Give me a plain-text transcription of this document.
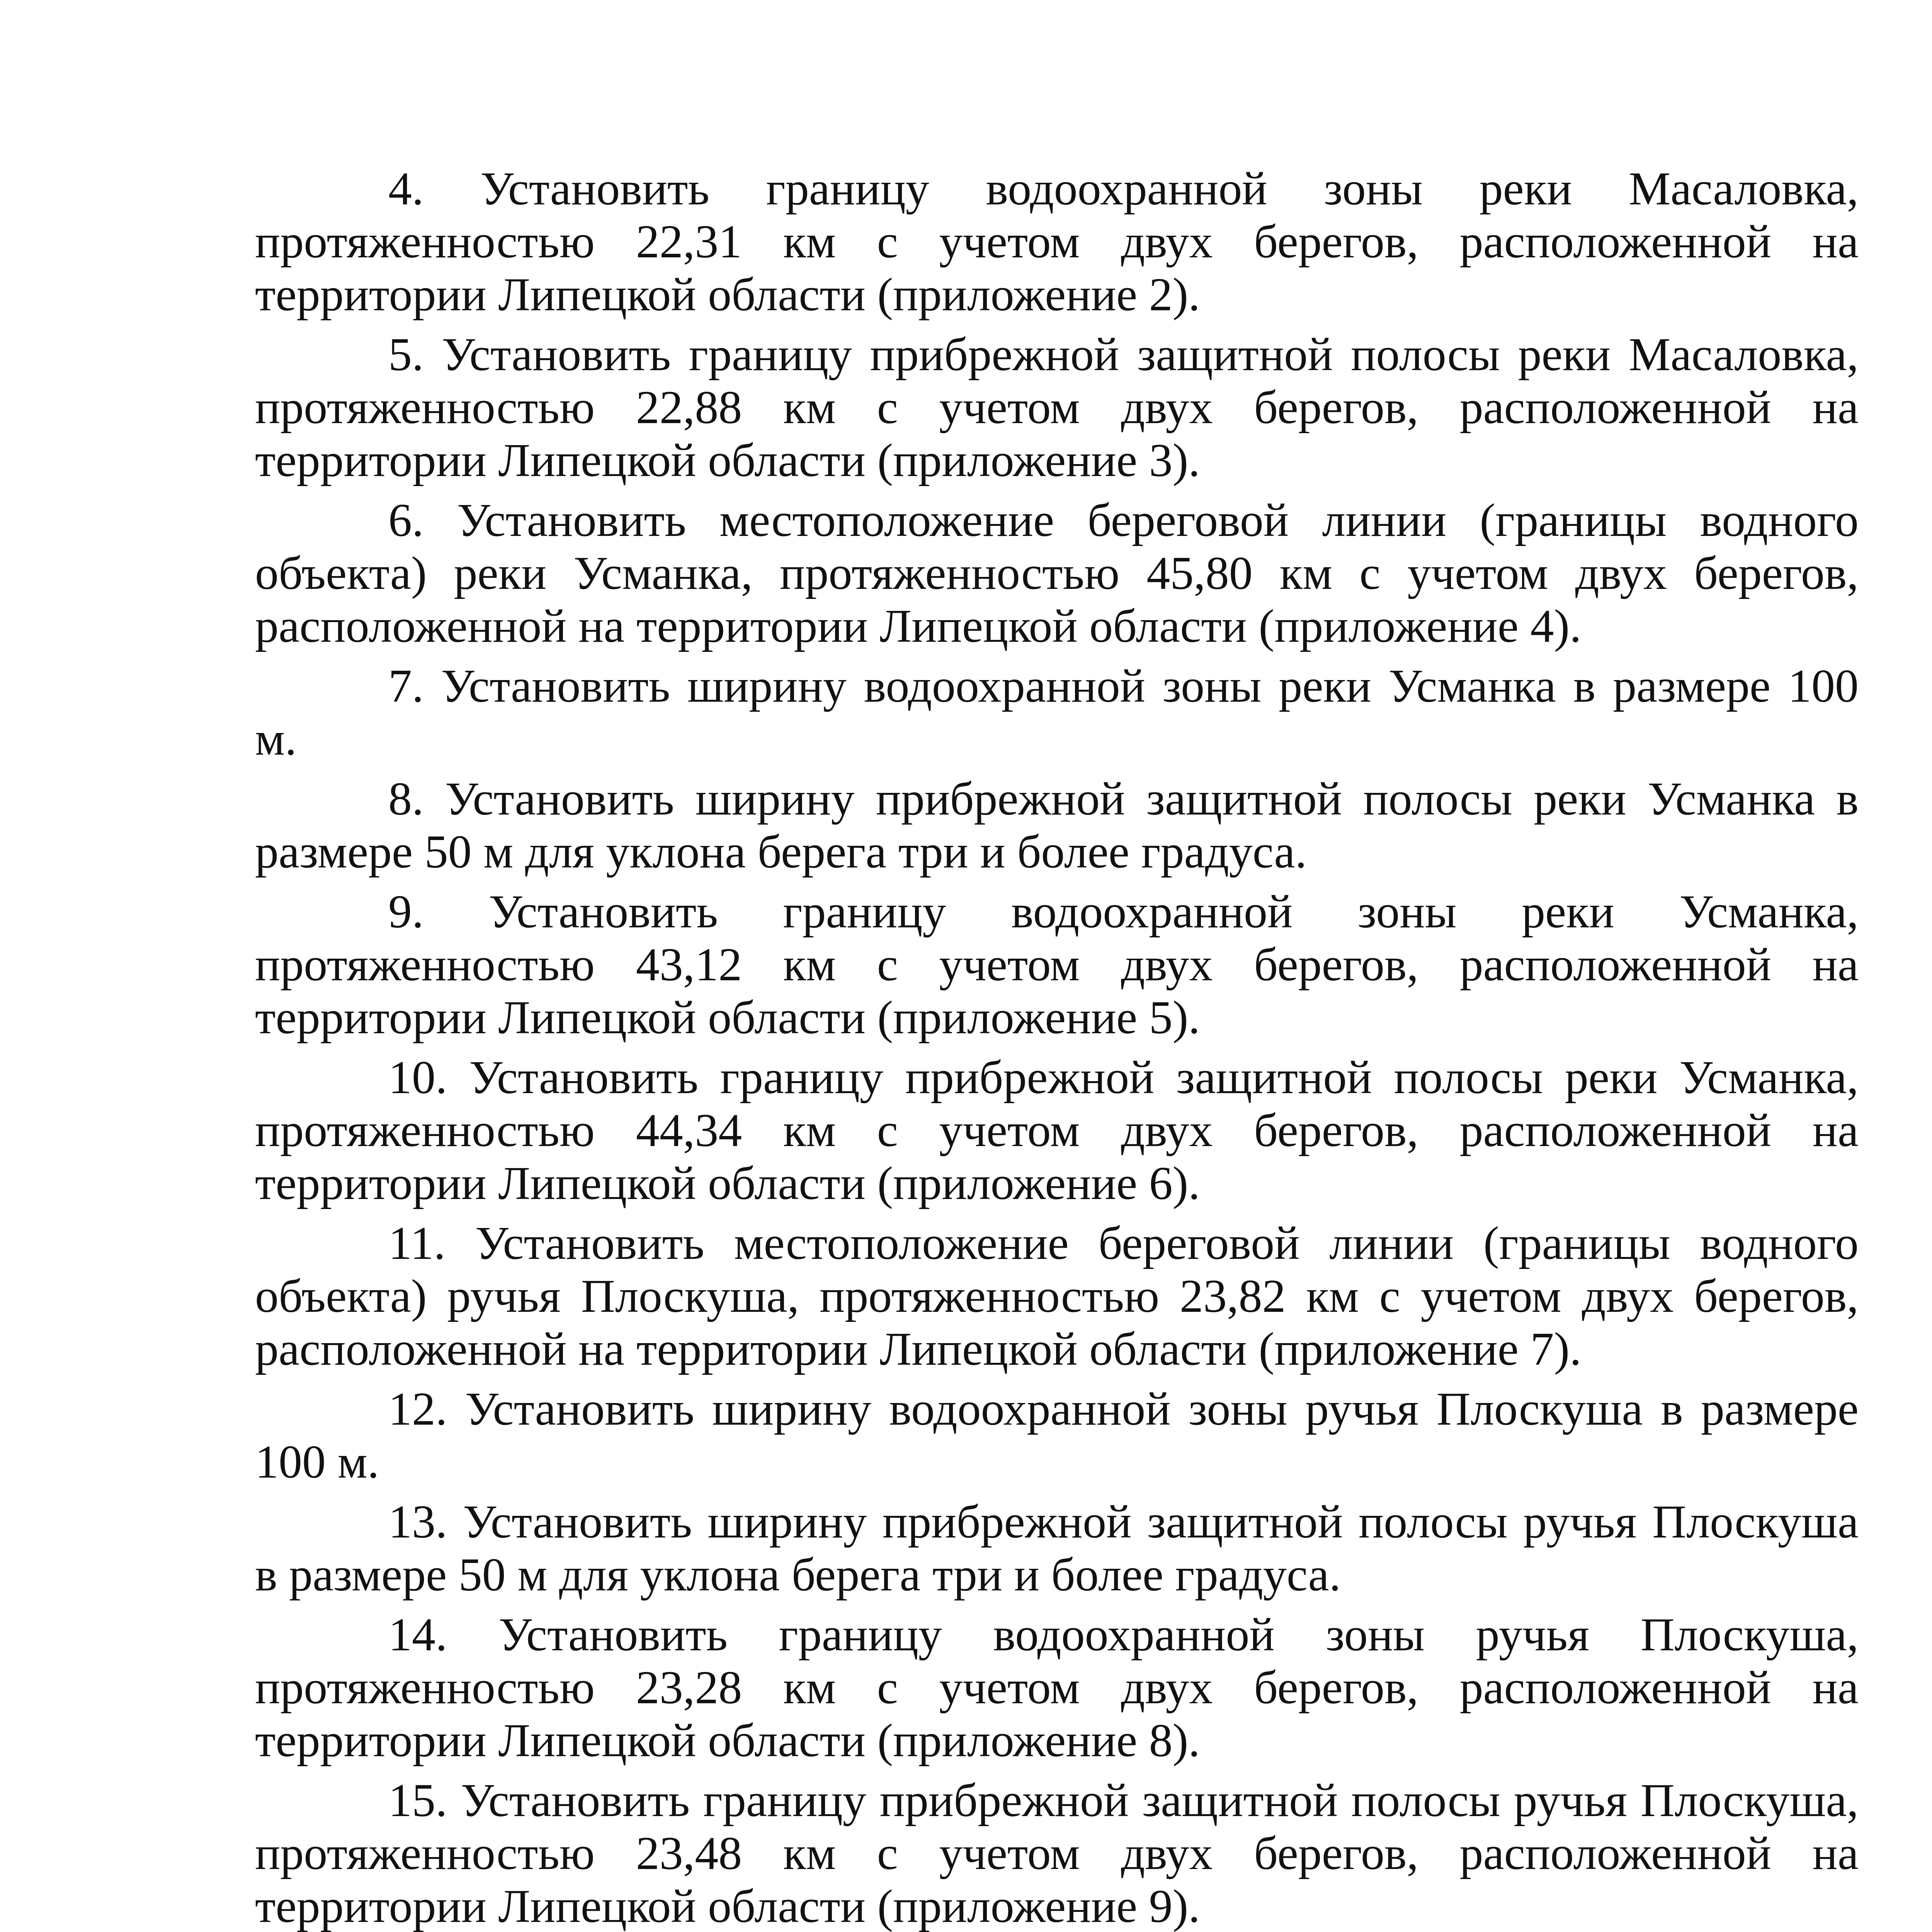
4. Установить границу водоохранной зоны реки Масаловка, протяженностью 22,31 км с учетом двух берегов, расположенной на территории Липецкой области (приложение 2).

5. Установить границу прибрежной защитной полосы реки Масаловка, протяженностью 22,88 км с учетом двух берегов, расположенной на территории Липецкой области (приложение 3).

6. Установить местоположение береговой линии (границы водного объекта) реки Усманка, протяженностью 45,80 км с учетом двух берегов, расположенной на территории Липецкой области (приложение 4).

7. Установить ширину водоохранной зоны реки Усманка в размере 100 м.

8. Установить ширину прибрежной защитной полосы реки Усманка в размере 50 м для уклона берега три и более градуса.

9. Установить границу водоохранной зоны реки Усманка, протяженностью 43,12 км с учетом двух берегов, расположенной на территории Липецкой области (приложение 5).

10. Установить границу прибрежной защитной полосы реки Усманка, протяженностью 44,34 км с учетом двух берегов, расположенной на территории Липецкой области (приложение 6).

11. Установить местоположение береговой линии (границы водного объекта) ручья Плоскуша, протяженностью 23,82 км с учетом двух берегов, расположенной на территории Липецкой области (приложение 7).

12. Установить ширину водоохранной зоны ручья Плоскуша в размере 100 м.

13. Установить ширину прибрежной защитной полосы ручья Плоскуша в размере 50 м для уклона берега три и более градуса.

14. Установить границу водоохранной зоны ручья Плоскуша, протяженностью 23,28 км с учетом двух берегов, расположенной на территории Липецкой области (приложение 8).

15. Установить границу прибрежной защитной полосы ручья Плоскуша, протяженностью 23,48 км с учетом двух берегов, расположенной на территории Липецкой области (приложение 9).
